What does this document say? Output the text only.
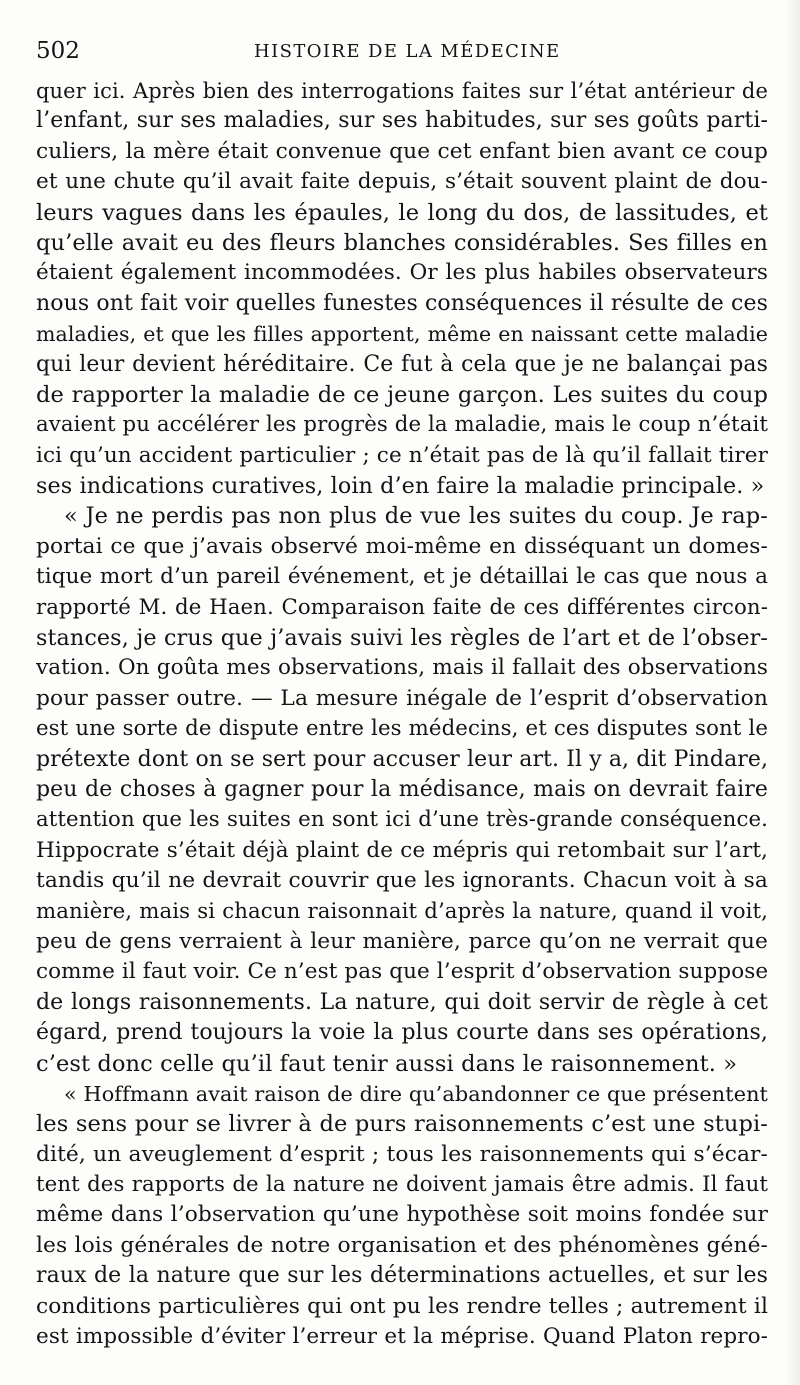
502	HISTOIRE DE LA MÉDECINE
quer ici. Après bien des interrogations faites sur l’état antérieur de
l’enfant, sur ses maladies, sur ses habitudes, sur ses goûts parti-
culiers, la mère était convenue que cet enfant bien avant ce coup
et une chute qu’il avait faite depuis, s’était souvent plaint de dou-
leurs vagues dans les épaules, le long du dos, de lassitudes, et
qu’elle avait eu des fleurs blanches considérables. Ses filles en
étaient également incommodées. Or les plus habiles observateurs
nous ont fait voir quelles funestes conséquences il résulte de ces
maladies, et que les filles apportent, même en naissant cette maladie
qui leur devient héréditaire. Ce fut à cela que je ne balançai pas
de rapporter la maladie de ce jeune garçon. Les suites du coup
avaient pu accélérer les progrès de la maladie, mais le coup n’était
ici qu’un accident particulier ; ce n’était pas de là qu’il fallait tirer
ses indications curatives, loin d’en faire la maladie principale. »
« Je ne perdis pas non plus de vue les suites du coup. Je rap-
portai ce que j’avais observé moi-même en disséquant un domes-
tique mort d’un pareil événement, et je détaillai le cas que nous a
rapporté M. de Haen. Comparaison faite de ces différentes circon-
stances, je crus que j’avais suivi les règles de l’art et de l’obser-
vation. On goûta mes observations, mais il fallait des observations
pour passer outre. — La mesure inégale de l’esprit d’observation
est une sorte de dispute entre les médecins, et ces disputes sont le
prétexte dont on se sert pour accuser leur art. Il y a, dit Pindare,
peu de choses à gagner pour la médisance, mais on devrait faire
attention que les suites en sont ici d’une très-grande conséquence.
Hippocrate s’était déjà plaint de ce mépris qui retombait sur l’art,
tandis qu’il ne devrait couvrir que les ignorants. Chacun voit à sa
manière, mais si chacun raisonnait d’après la nature, quand il voit,
peu de gens verraient à leur manière, parce qu’on ne verrait que
comme il faut voir. Ce n’est pas que l’esprit d’observation suppose
de longs raisonnements. La nature, qui doit servir de règle à cet
égard, prend toujours la voie la plus courte dans ses opérations,
c’est donc celle qu’il faut tenir aussi dans le raisonnement. »
« Hoffmann avait raison de dire qu’abandonner ce que présentent
les sens pour se livrer à de purs raisonnements c’est une stupi-
dité, un aveuglement d’esprit ; tous les raisonnements qui s’écar-
tent des rapports de la nature ne doivent jamais être admis. Il faut
même dans l’observation qu’une hypothèse soit moins fondée sur
les lois générales de notre organisation et des phénomènes géné-
raux de la nature que sur les déterminations actuelles, et sur les
conditions particulières qui ont pu les rendre telles ; autrement il
est impossible d’éviter l’erreur et la méprise. Quand Platon repro-
